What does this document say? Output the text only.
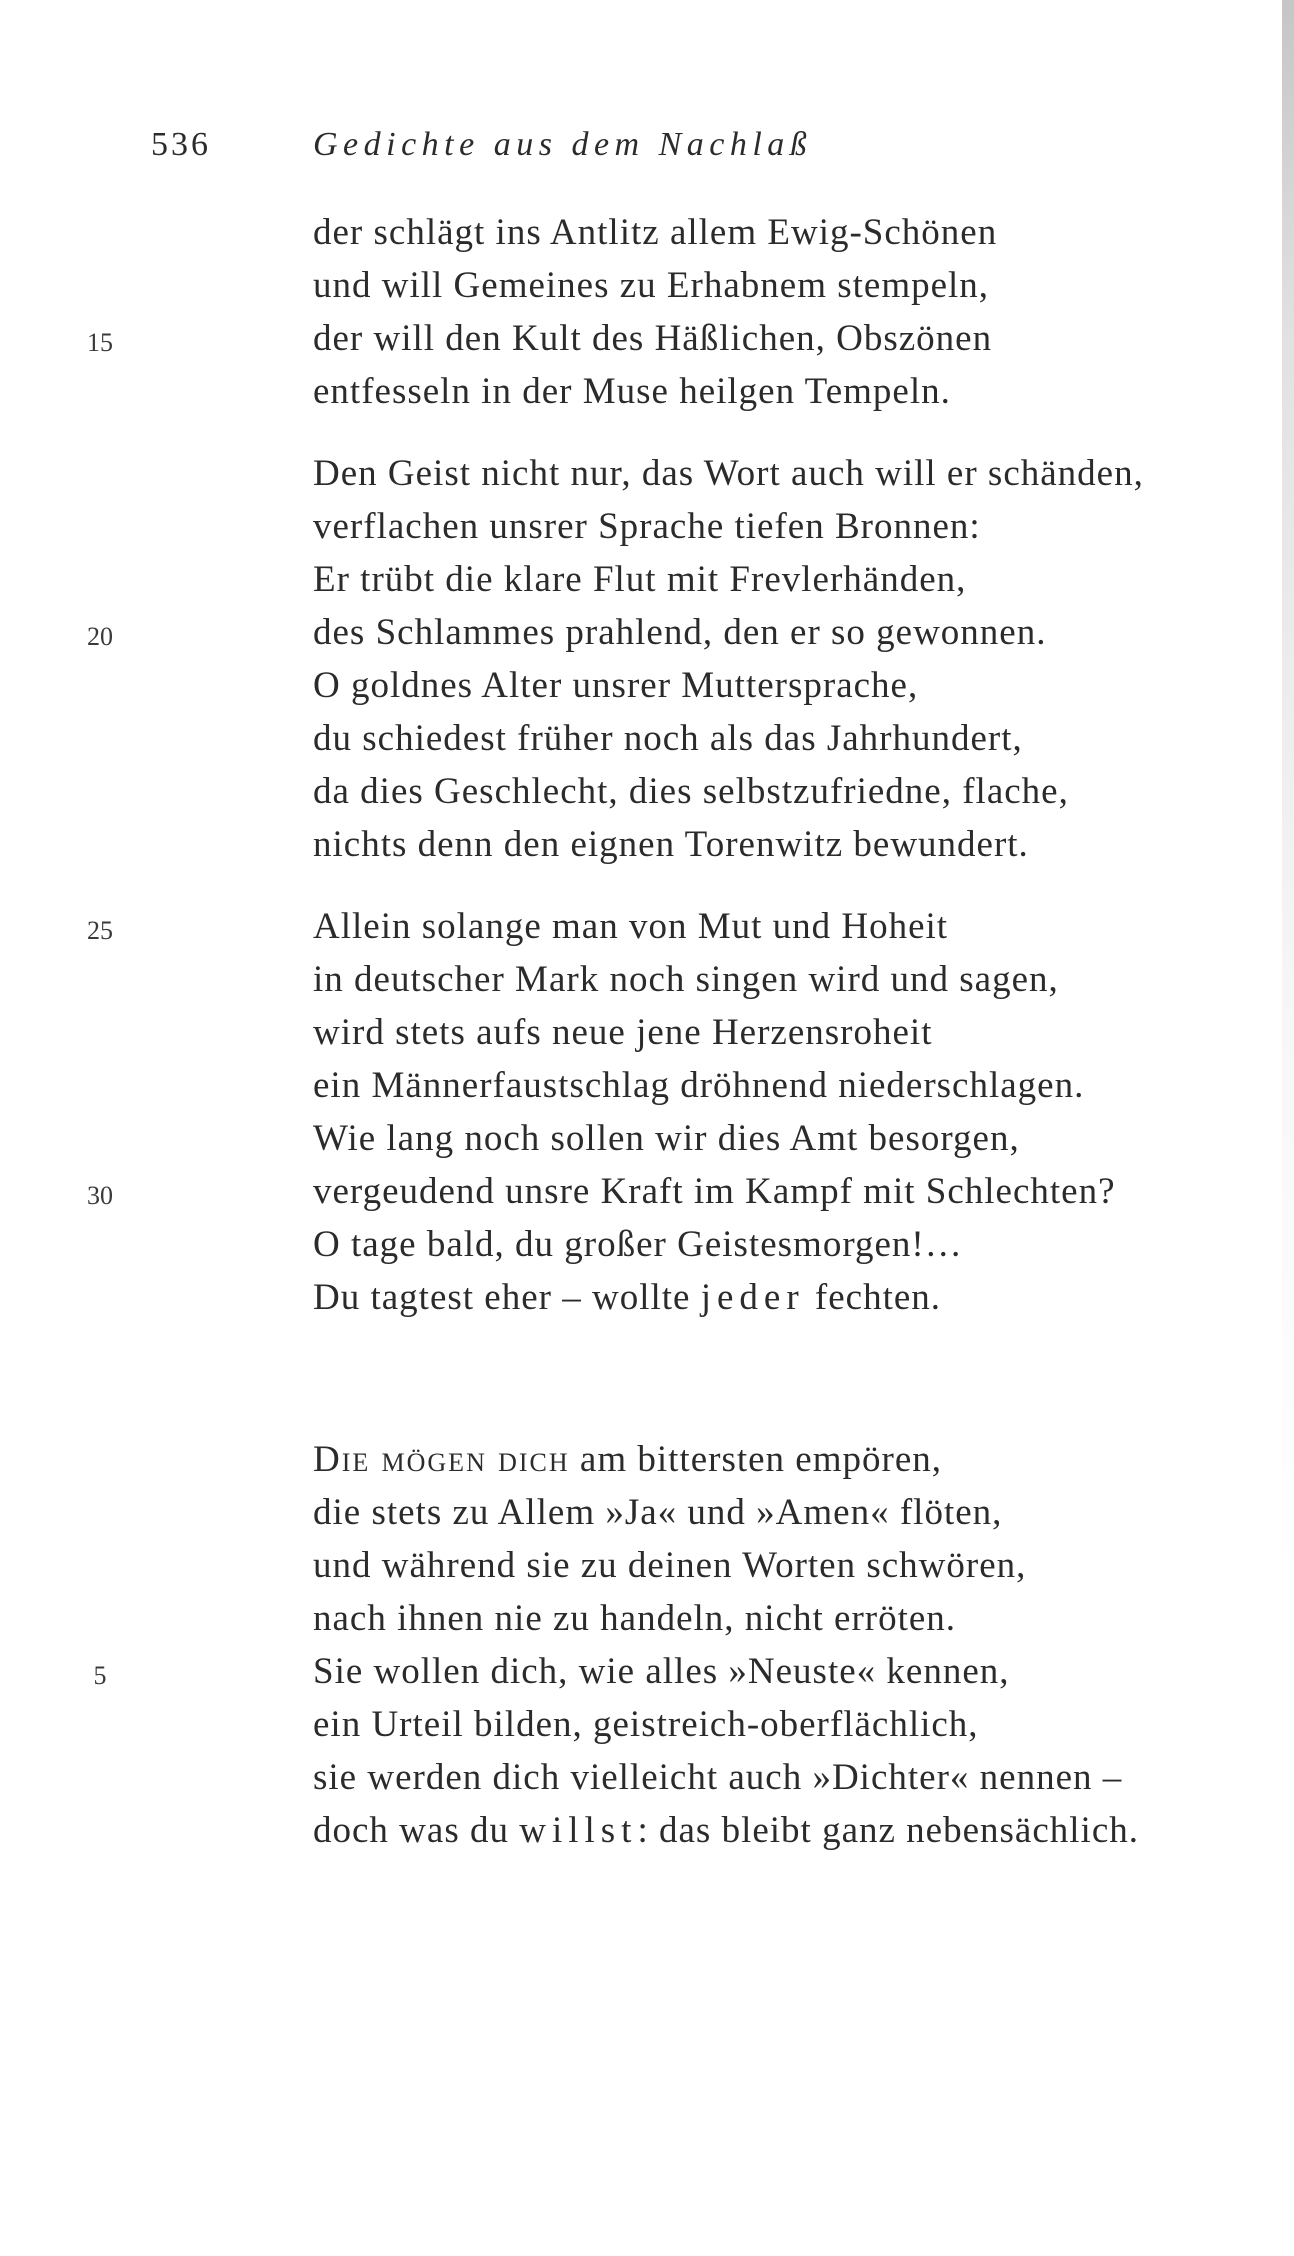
536	Gedichte aus dem Nachlaß
der schlägt ins Antlitz allem Ewig-Schönen
und will Gemeines zu Erhabnem stempeln,
15	der will den Kult des Häßlichen, Obszönen
entfesseln in der Muse heilgen Tempeln.
Den Geist nicht nur, das Wort auch will er schänden,
verflachen unsrer Sprache tiefen Bronnen:
Er trübt die klare Flut mit Frevlerhänden,
20	des Schlammes prahlend, den er so gewonnen.
O goldnes Alter unsrer Muttersprache,
du schiedest früher noch als das Jahrhundert,
da dies Geschlecht, dies selbstzufriedne, flache,
nichts denn den eignen Torenwitz bewundert.
25	Allein solange man von Mut und Hoheit
in deutscher Mark noch singen wird und sagen,
wird stets aufs neue jene Herzensroheit
ein Männerfaustschlag dröhnend niederschlagen.
Wie lang noch sollen wir dies Amt besorgen,
30	vergeudend unsre Kraft im Kampf mit Schlechten?
O tage bald, du großer Geistesmorgen!…
Du tagtest eher – wollte jeder fechten.
Die mögen dich am bittersten empören,
die stets zu Allem »Ja« und »Amen« flöten,
und während sie zu deinen Worten schwören,
nach ihnen nie zu handeln, nicht erröten.
5	Sie wollen dich, wie alles »Neuste« kennen,
ein Urteil bilden, geistreich-oberflächlich,
sie werden dich vielleicht auch »Dichter« nennen –
doch was du willst: das bleibt ganz nebensächlich.
